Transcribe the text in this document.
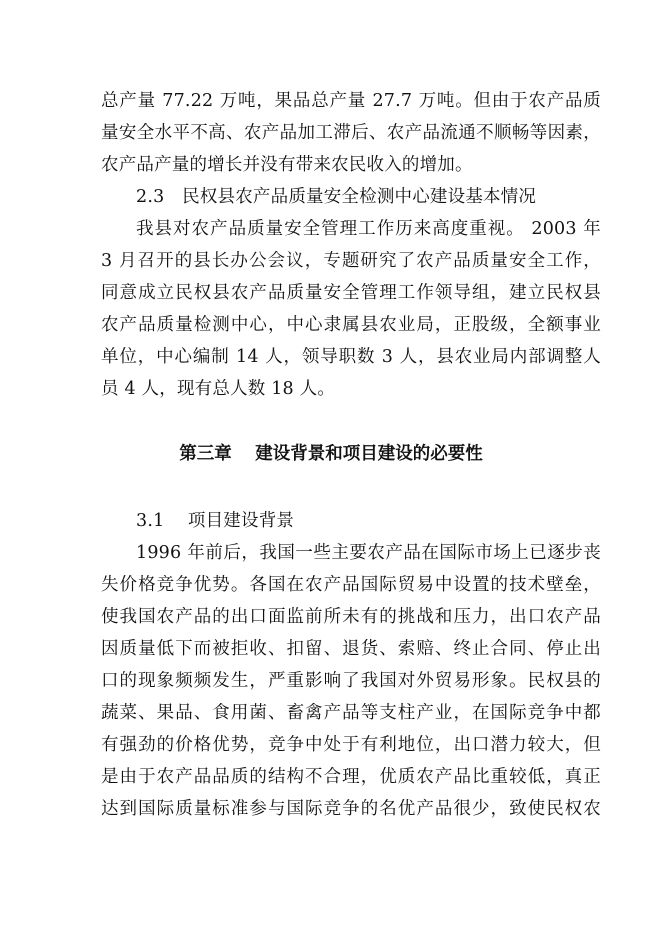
总产量 77.22 万吨，果品总产量 27.7 万吨。但由于农产品质
量安全水平不高、农产品加工滞后、农产品流通不顺畅等因素，
农产品产量的增长并没有带来农民收入的增加。
2.3　民权县农产品质量安全检测中心建设基本情况
我县对农产品质量安全管理工作历来高度重视。 2003 年
3 月召开的县长办公会议，专题研究了农产品质量安全工作，
同意成立民权县农产品质量安全管理工作领导组，建立民权县
农产品质量检测中心，中心隶属县农业局，正股级，全额事业
单位，中心编制 14 人，领导职数 3 人，县农业局内部调整人
员 4 人，现有总人数 18 人。
第三章　 建设背景和项目建设的必要性
3.1　 项目建设背景
1996 年前后，我国一些主要农产品在国际市场上已逐步丧
失价格竞争优势。各国在农产品国际贸易中设置的技术壁垒，
使我国农产品的出口面监前所未有的挑战和压力，出口农产品
因质量低下而被拒收、扣留、退货、索赔、终止合同、停止出
口的现象频频发生，严重影响了我国对外贸易形象。民权县的
蔬菜、果品、食用菌、畜禽产品等支柱产业，在国际竞争中都
有强劲的价格优势，竞争中处于有利地位，出口潜力较大，但
是由于农产品品质的结构不合理，优质农产品比重较低，真正
达到国际质量标准参与国际竞争的名优产品很少，致使民权农
